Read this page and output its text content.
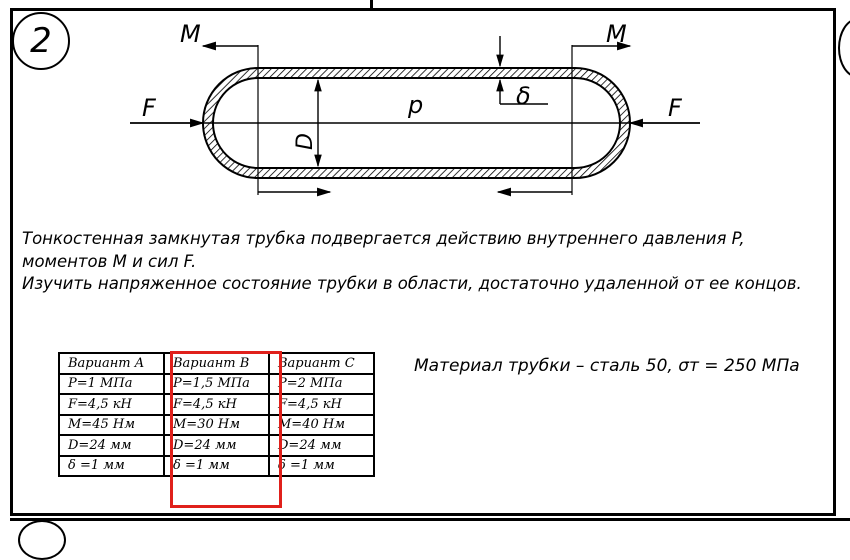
2	M	M
F	F
p	δ
D
Тонкостенная замкнутая трубка подвергается действию внутреннего давления P,
моментов M и сил F.
Изучить напряженное состояние трубки в области, достаточно удаленной от ее концов.
Вариант A	Вариант B	Вариант C
P=1 МПа	P=1,5 МПа	P=2 МПа
F=4,5 кН	F=4,5 кН	F=4,5 кН
M=45 Нм	M=30 Нм	M=40 Нм
D=24 мм	D=24 мм	D=24 мм
δ =1 мм	δ =1 мм	δ =1 мм
Материал трубки – сталь 50, σт = 250 МПа
